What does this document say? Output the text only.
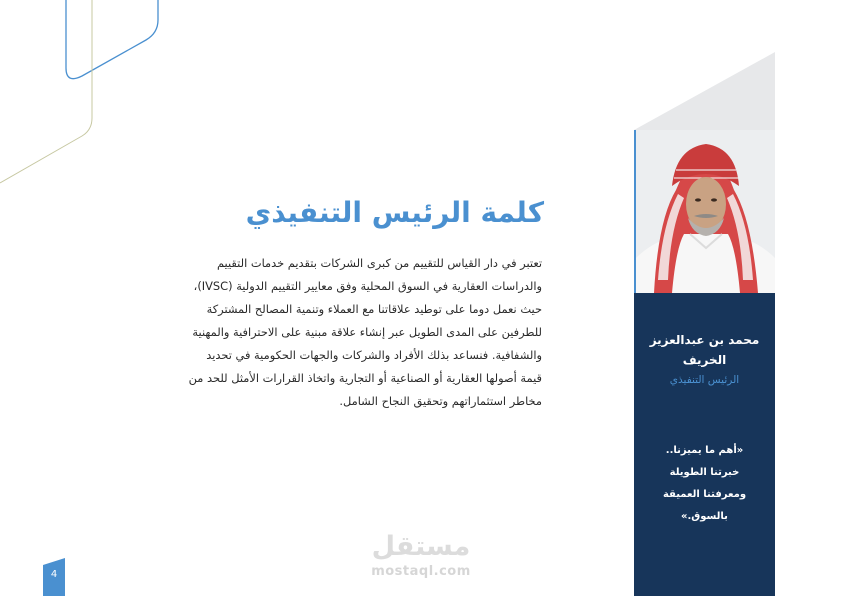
كلمة الرئيس التنفيذي
تعتبر في دار القياس للتقييم من كبرى الشركات بتقديم خدمات التقييم
والدراسات العقارية في السوق المحلية وفق معايير التقييم الدولية (IVSC)،
حيث نعمل دوما على توطيد علاقاتنا مع العملاء وتنمية المصالح المشتركة
للطرفين على المدى الطويل عبر إنشاء علاقة مبنية على الاحترافية والمهنية
والشفافية. فنساعد بذلك الأفراد والشركات والجهات الحكومية في تحديد
قيمة أصولها العقارية أو الصناعية أو التجارية واتخاذ القرارات الأمثل للحد من
مخاطر استثماراتهم وتحقيق النجاح الشامل.
محمد بن عبدالعزيز
الخريف
الرئيس التنفيذي
«أهم ما يميزنا..
خبرتنا الطويلة
ومعرفتنا العميقة
بالسوق.»
4
مستقل
mostaql.com
